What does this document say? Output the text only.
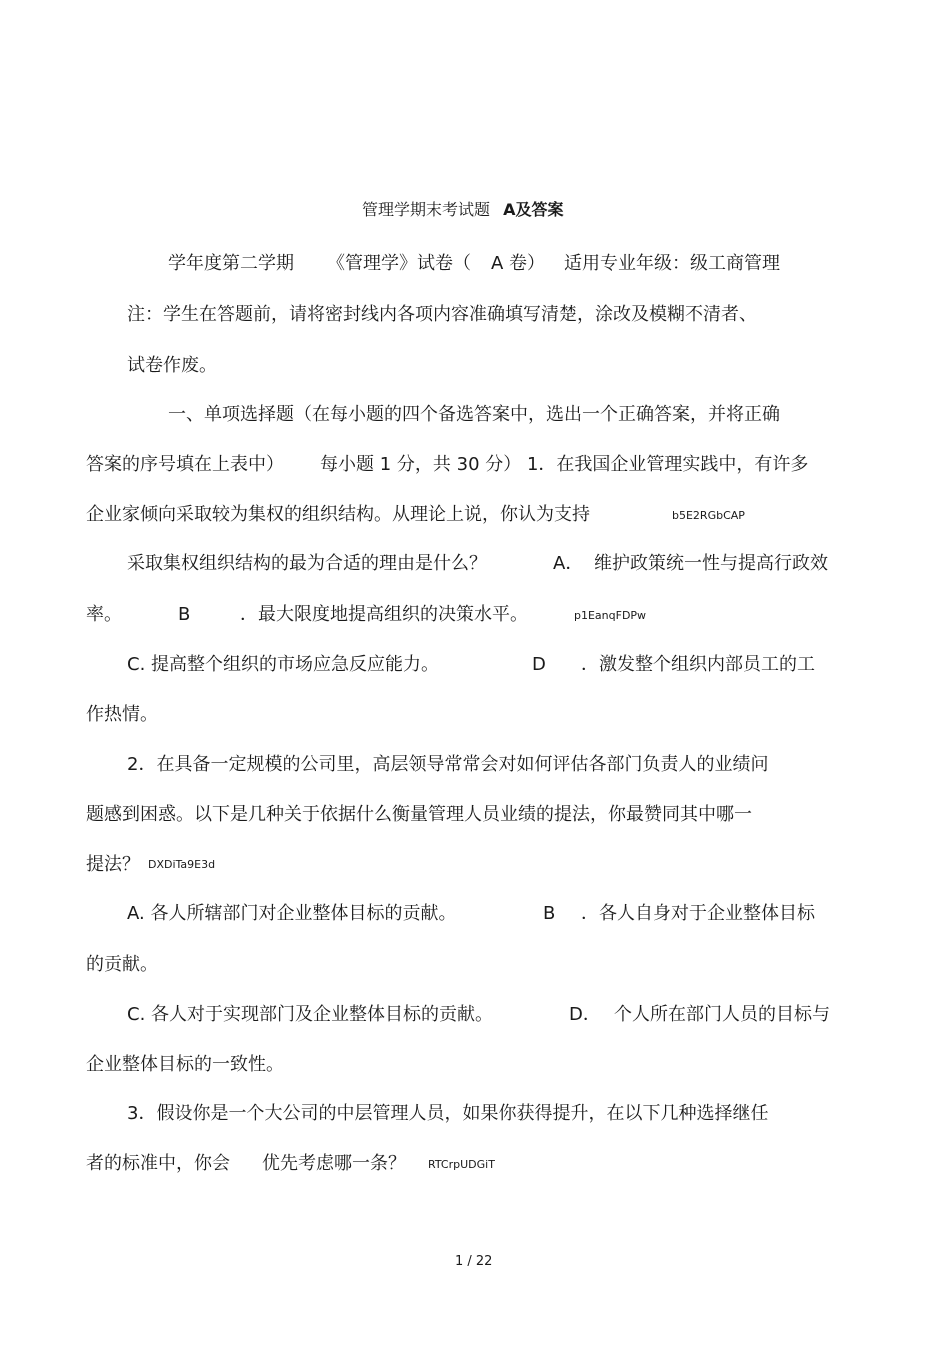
管理学期末考试题 A及答案
学年度第二学期 《管理学》试卷（ A 卷） 适用专业年级：级工商管理
注：学生在答题前，请将密封线内各项内容准确填写清楚，涂改及模糊不清者、
试卷作废。
一、单项选择题（在每小题的四个备选答案中，选出一个正确答案，并将正确
答案的序号填在上表中） 每小题 1 分，共 30 分） 1．在我国企业管理实践中，有许多
企业家倾向采取较为集权的组织结构。从理论上说，你认为支持	b5E2RGbCAP
采取集权组织结构的最为合适的理由是什么？	A． 维护政策统一性与提高行政效
率。	B	．最大限度地提高组织的决策水平。	p1EanqFDPw
C. 提高整个组织的市场应急反应能力。	D ．激发整个组织内部员工的工
作热情。
2．在具备一定规模的公司里，高层领导常常会对如何评估各部门负责人的业绩问
题感到困惑。以下是几种关于依据什么衡量管理人员业绩的提法，你最赞同其中哪一
提法？ DXDiTa9E3d
A. 各人所辖部门对企业整体目标的贡献。	B ．各人自身对于企业整体目标
的贡献。
C. 各人对于实现部门及企业整体目标的贡献。	D． 个人所在部门人员的目标与
企业整体目标的一致性。
3．假设你是一个大公司的中层管理人员，如果你获得提升，在以下几种选择继任
者的标准中，你会 优先考虑哪一条？ RTCrpUDGiT
1 / 22
